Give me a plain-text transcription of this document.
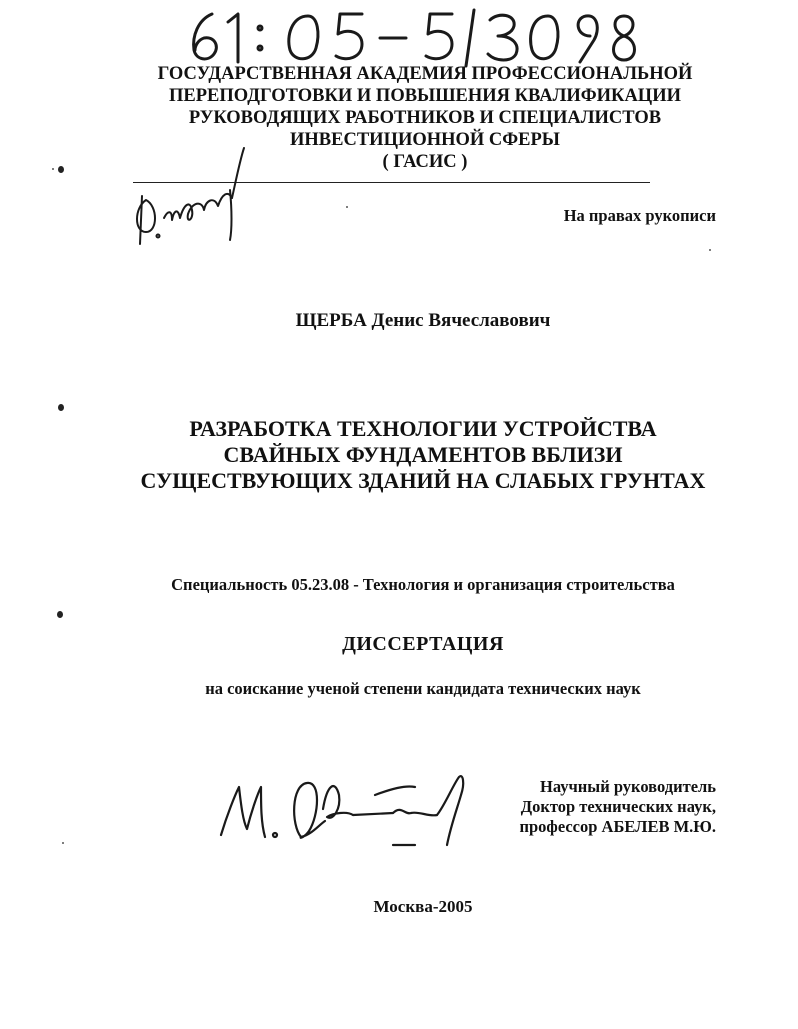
ГОСУДАРСТВЕННАЯ АКАДЕМИЯ ПРОФЕССИОНАЛЬНОЙ
ПЕРЕПОДГОТОВКИ И ПОВЫШЕНИЯ КВАЛИФИКАЦИИ
РУКОВОДЯЩИХ РАБОТНИКОВ И СПЕЦИАЛИСТОВ
ИНВЕСТИЦИОННОЙ СФЕРЫ
( ГАСИС )
На правах рукописи
ЩЕРБА Денис Вячеславович
РАЗРАБОТКА ТЕХНОЛОГИИ УСТРОЙСТВА
СВАЙНЫХ ФУНДАМЕНТОВ ВБЛИЗИ
СУЩЕСТВУЮЩИХ ЗДАНИЙ НА СЛАБЫХ ГРУНТАХ
Специальность 05.23.08 - Технология и организация строительства
ДИССЕРТАЦИЯ
на соискание ученой степени кандидата технических наук
Научный руководитель
Доктор технических наук,
профессор АБЕЛЕВ М.Ю.
Москва-2005
